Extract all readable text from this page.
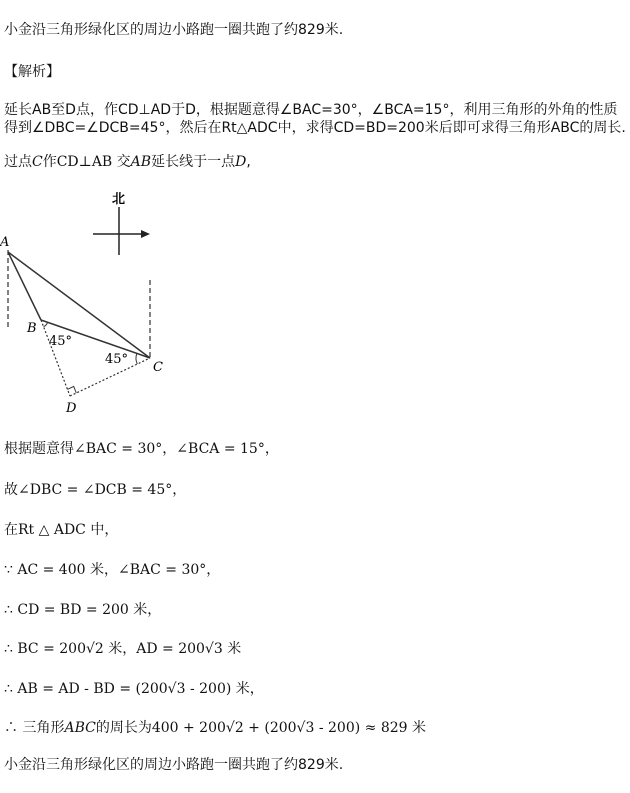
小金沿三角形绿化区的周边小路跑一圈共跑了约829米.
【解析】
延长AB至D点，作CD⊥AD于D，根据题意得∠BAC=30°，∠BCA=15°，利用三角形的外角的性质
得到∠DBC=∠DCB=45°，然后在Rt△ADC中，求得CD=BD=200米后即可求得三角形ABC的周长.
过点C作CD⊥AB 交AB延长线于一点D,
北
A
B
C
D
45°
45°
根据题意得∠BAC = 30°，∠BCA = 15°，
故∠DBC = ∠DCB = 45°，
在Rt △ ADC 中，
∵ AC = 400 米，∠BAC = 30°，
∴ CD = BD = 200 米，
∴ BC = 200√2 米，AD = 200√3 米
∴ AB = AD - BD = (200√3 - 200) 米，
∴ 三角形ABC的周长为400 + 200√2 + (200√3 - 200) ≈ 829 米
小金沿三角形绿化区的周边小路跑一圈共跑了约829米.
